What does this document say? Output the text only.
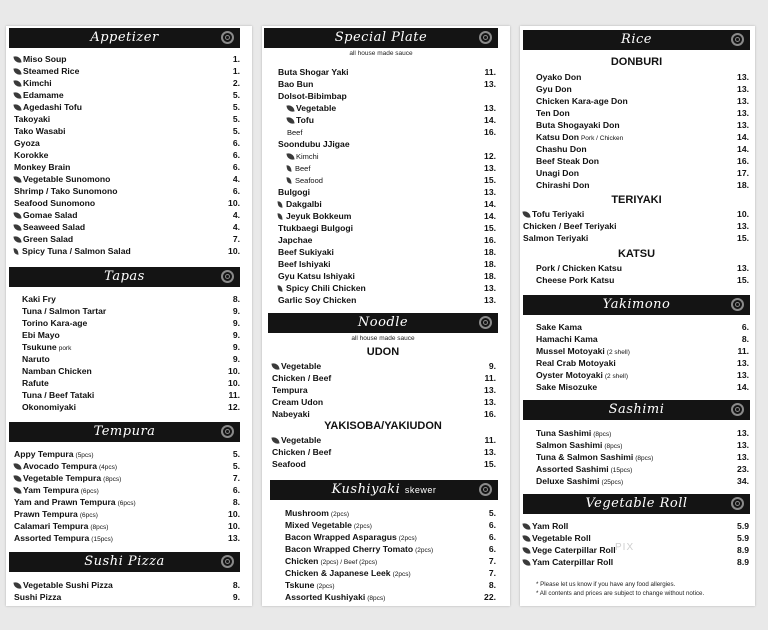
Appetizer
Miso Soup	1.
Steamed Rice	1.
Kimchi	2.
Edamame	5.
Agedashi Tofu	5.
Takoyaki	5.
Tako Wasabi	5.
Gyoza	6.
Korokke	6.
Monkey Brain	6.
Vegetable Sunomono	4.
Shrimp / Tako Sunomono	6.
Seafood Sunomono	10.
Gomae Salad	4.
Seaweed Salad	4.
Green Salad	7.
Spicy Tuna / Salmon Salad	10.
Tapas
Kaki Fry	8.
Tuna / Salmon Tartar	9.
Torino Kara-age	9.
Ebi Mayo	9.
Tsukune pork	9.
Naruto	9.
Namban Chicken	10.
Rafute	10.
Tuna / Beef Tataki	11.
Okonomiyaki	12.
Tempura
Appy Tempura (5pcs)	5.
Avocado Tempura (4pcs)	5.
Vegetable Tempura (8pcs)	7.
Yam Tempura (6pcs)	6.
Yam and Prawn Tempura (6pcs)	8.
Prawn Tempura (6pcs)	10.
Calamari Tempura (8pcs)	10.
Assorted Tempura (15pcs)	13.
Sushi Pizza
Vegetable Sushi Pizza	8.
Sushi Pizza	9.
Special Plate
all house made sauce
Buta Shogar Yaki	11.
Bao Bun	13.
Dolsot-Bibimbap
Vegetable	13.
Tofu	14.
Beef	16.
Soondubu JJigae
Kimchi	12.
Beef	13.
Seafood	15.
Bulgogi	13.
Dakgalbi	14.
Jeyuk Bokkeum	14.
Ttukbaegi Bulgogi	15.
Japchae	16.
Beef Sukiyaki	18.
Beef Ishiyaki	18.
Gyu Katsu Ishiyaki	18.
Spicy Chili Chicken	13.
Garlic Soy Chicken	13.
Noodle
all house made sauce
UDON
Vegetable	9.
Chicken / Beef	11.
Tempura	13.
Cream Udon	13.
Nabeyaki	16.
YAKISOBA/YAKIUDON
Vegetable	11.
Chicken / Beef	13.
Seafood	15.
Kushiyaki skewer
Mushroom (2pcs)	5.
Mixed Vegetable (2pcs)	6.
Bacon Wrapped Asparagus (2pcs)	6.
Bacon Wrapped Cherry Tomato (2pcs)	6.
Chicken (2pcs) / Beef (2pcs)	7.
Chicken & Japanese Leek (2pcs)	7.
Tskune (2pcs)	8.
Assorted Kushiyaki (8pcs)	22.
Rice
DONBURI
Oyako Don	13.
Gyu Don	13.
Chicken Kara-age Don	13.
Ten Don	13.
Buta Shogayaki Don	13.
Katsu Don Pork / Chicken	14.
Chashu Don	14.
Beef Steak Don	16.
Unagi Don	17.
Chirashi Don	18.
TERIYAKI
Tofu Teriyaki	10.
Chicken / Beef Teriyaki	13.
Salmon Teriyaki	15.
KATSU
Pork / Chicken Katsu	13.
Cheese Pork Katsu	15.
Yakimono
Sake Kama	6.
Hamachi Kama	8.
Mussel Motoyaki (2 shell)	11.
Real Crab Motoyaki	13.
Oyster Motoyaki (2 shell)	13.
Sake Misozuke	14.
Sashimi
Tuna Sashimi (8pcs)	13.
Salmon Sashimi (8pcs)	13.
Tuna & Salmon Sashimi (8pcs)	13.
Assorted Sashimi (15pcs)	23.
Deluxe Sashimi (25pcs)	34.
Vegetable Roll
Yam Roll	5.9
Vegetable Roll	5.9
Vege Caterpillar Roll	8.9
Yam Caterpillar Roll	8.9
* Please let us know if you have any food allergies.
* All contents and prices are subject to change without notice.
PIX
